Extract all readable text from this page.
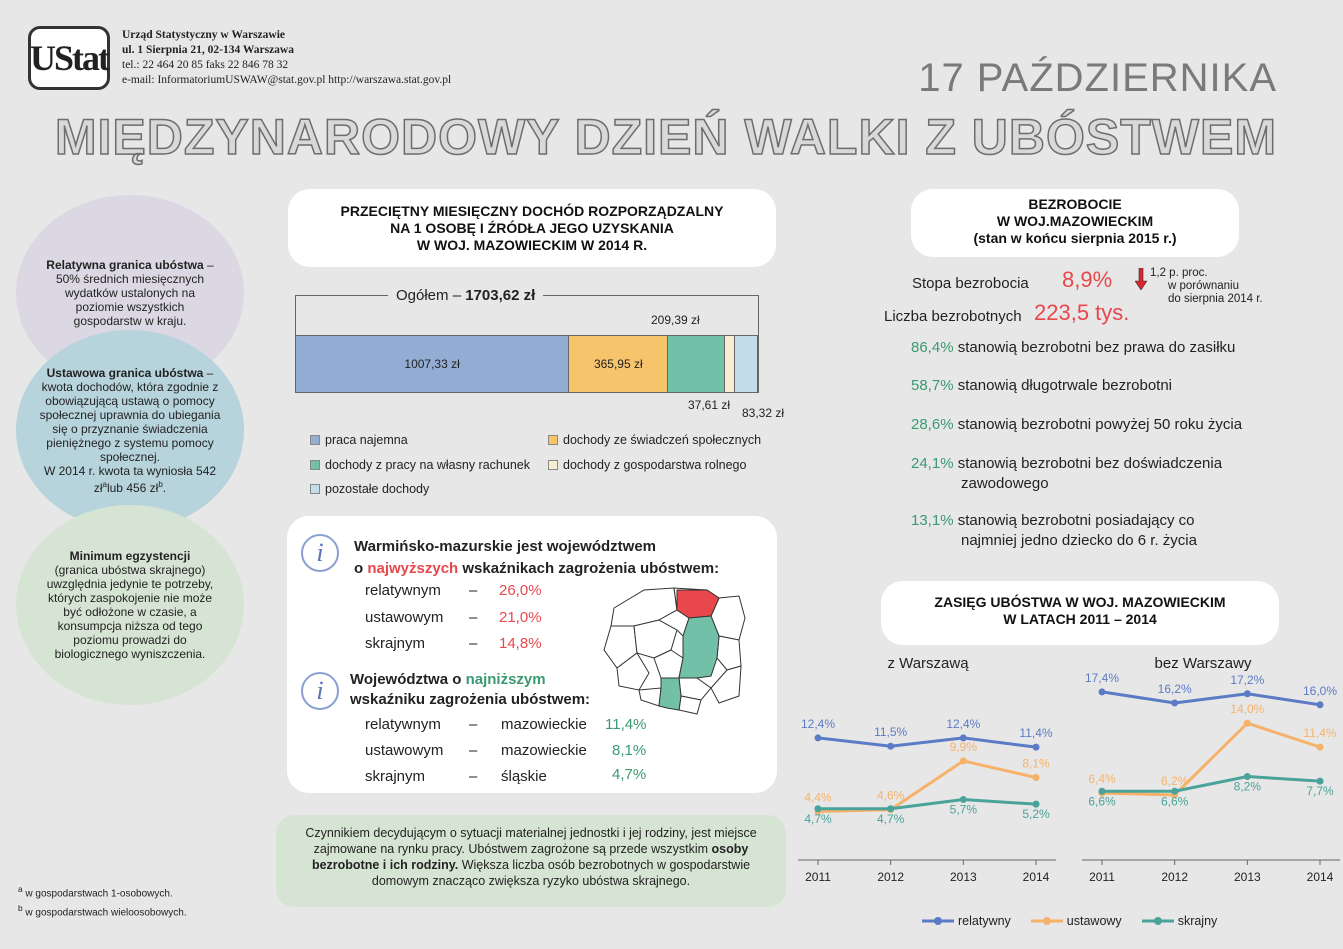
UStat
Urząd Statystyczny w Warszawie
ul. 1 Sierpnia 21, 02-134 Warszawa
tel.: 22 464 20 85 faks 22 846 78 32
e-mail: InformatoriumUSWAW@stat.gov.pl http://warszawa.stat.gov.pl	17 PAŹDZIERNIKA
MIĘDZYNARODOWY DZIEŃ WALKI Z UBÓSTWEM
Relatywna granica ubóstwa – 50% średnich miesięcznych wydatków ustalonych na poziomie wszystkich gospodarstw w kraju.
Ustawowa granica ubóstwa – kwota dochodów, która zgodnie z obowiązującą ustawą o pomocy społecznej uprawnia do ubiegania się o przyznanie świadczenia pieniężnego z systemu pomocy społecznej.
W 2014 r. kwota ta wyniosła 542 $zł^alub$ 456 $zł^b$.
Minimum egzystencji
(granica ubóstwa skrajnego) uwzględnia jedynie te potrzeby, których zaspokojenie nie może być odłożone w czasie, a konsumpcja niższa od tego poziomu prowadzi do biologicznego wyniszczenia.
$^a$ w gospodarstwach 1-osobowych.
$^b$ w gospodarstwach wieloosobowych.
PRZECIĘTNY MIESIĘCZNY DOCHÓD ROZPORZĄDZALNY
NA 1 OSOBĘ I ŹRÓDŁA JEGO UZYSKANIA
W WOJ. MAZOWIECKIM W 2014 R.
Ogółem – 1703,62 zł
1007,33 zł	365,95 zł
209,39 zł
37,61 zł
83,32 zł
praca najemna	dochody ze świadczeń społecznych
dochody z pracy na własny rachunek	dochody z gospodarstwa rolnego
pozostałe dochody
i	Warmińsko-mazurskie jest województwem
o najwyższych wskaźnikach zagrożenia ubóstwem:
relatywnym – 26,0%
ustawowym – 21,0%
skrajnym	– 14,8%
i	Województwa o najniższym
wskaźniku zagrożenia ubóstwem:
relatywnym – mazowieckie 11,4%
ustawowym – mazowieckie 8,1%
skrajnym	– śląskie	4,7%
Czynnikiem decydującym o sytuacji materialnej jednostki i jej rodziny, jest miejsce zajmowane na rynku pracy. Ubóstwem zagrożone są przede wszystkim osoby bezrobotne i ich rodziny. Większa liczba osób bezrobotnych w gospodarstwie domowym znacząco zwiększa ryzyko ubóstwa skrajnego.
BEZROBOCIE
W WOJ.MAZOWIECKIM
(stan w końcu sierpnia 2015 r.)
Stopa bezrobocia 8,9%	1,2 p. proc.
w porównaniu
do sierpnia 2014 r.
Liczba bezrobotnych 223,5 tys.
86,4% stanowią bezrobotni bez prawa do zasiłku
58,7% stanowią długotrwale bezrobotni
28,6% stanowią bezrobotni powyżej 50 roku życia
24,1% stanowią bezrobotni bez doświadczenia
zawodowego
13,1% stanowią bezrobotni posiadający co
najmniej jedno dziecko do 6 r. życia
ZASIĘG UBÓSTWA W WOJ. MAZOWIECKIM
W LATACH 2011 – 2014
z Warszawą
2011	2012	2013	2014
12,4%
11,5%
12,4%
11,4%
4,4%	4,6%
9,9%
8,1%
4,7%	4,7%
5,7%	5,2%
bez Warszawy
2011	2012	2013	2014
17,4%
16,2%
17,2%
16,0%
6,4%	6,2%
14,0%
11,4%
6,6%	6,6%
8,2%	7,7%
relatywny	ustawowy	skrajny
